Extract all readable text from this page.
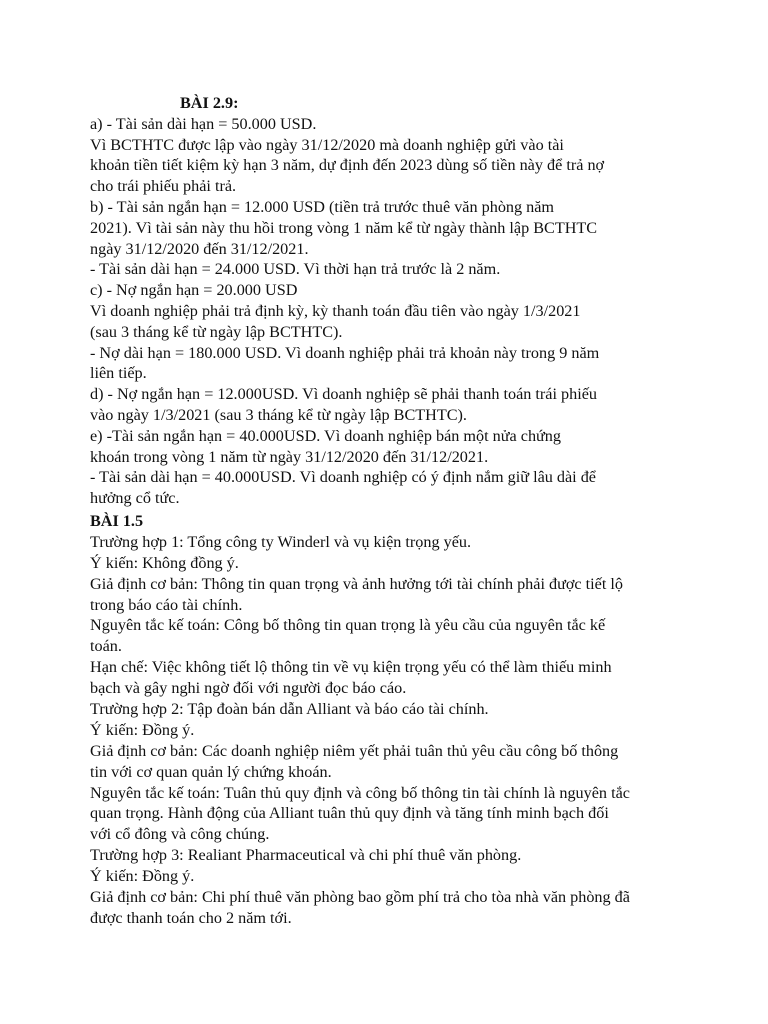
BÀI 2.9:
a) - Tài sản dài hạn = 50.000 USD.
Vì BCTHTC được lập vào ngày 31/12/2020 mà doanh nghiệp gửi vào tài
khoản tiền tiết kiệm kỳ hạn 3 năm, dự định đến 2023 dùng số tiền này để trả nợ
cho trái phiếu phải trả.
b) - Tài sản ngắn hạn = 12.000 USD (tiền trả trước thuê văn phòng năm
2021). Vì tài sản này thu hồi trong vòng 1 năm kể từ ngày thành lập BCTHTC
ngày 31/12/2020 đến 31/12/2021.
- Tài sản dài hạn = 24.000 USD. Vì thời hạn trả trước là 2 năm.
c) - Nợ ngắn hạn = 20.000 USD
Vì doanh nghiệp phải trả định kỳ, kỳ thanh toán đầu tiên vào ngày 1/3/2021
(sau 3 tháng kể từ ngày lập BCTHTC).
- Nợ dài hạn = 180.000 USD. Vì doanh nghiệp phải trả khoản này trong 9 năm
liên tiếp.
d) - Nợ ngắn hạn = 12.000USD. Vì doanh nghiệp sẽ phải thanh toán trái phiếu
vào ngày 1/3/2021 (sau 3 tháng kể từ ngày lập BCTHTC).
e) -Tài sản ngắn hạn = 40.000USD. Vì doanh nghiệp bán một nửa chứng
khoán trong vòng 1 năm từ ngày 31/12/2020 đến 31/12/2021.
- Tài sản dài hạn = 40.000USD. Vì doanh nghiệp có ý định nắm giữ lâu dài để
hưởng cổ tức.
BÀI 1.5
Trường hợp 1: Tổng công ty Winderl và vụ kiện trọng yếu.
Ý kiến: Không đồng ý.
Giả định cơ bản: Thông tin quan trọng và ảnh hưởng tới tài chính phải được tiết lộ
trong báo cáo tài chính.
Nguyên tắc kế toán: Công bố thông tin quan trọng là yêu cầu của nguyên tắc kế
toán.
Hạn chế: Việc không tiết lộ thông tin về vụ kiện trọng yếu có thể làm thiếu minh
bạch và gây nghi ngờ đối với người đọc báo cáo.
Trường hợp 2: Tập đoàn bán dẫn Alliant và báo cáo tài chính.
Ý kiến: Đồng ý.
Giả định cơ bản: Các doanh nghiệp niêm yết phải tuân thủ yêu cầu công bố thông
tin với cơ quan quản lý chứng khoán.
Nguyên tắc kế toán: Tuân thủ quy định và công bố thông tin tài chính là nguyên tắc
quan trọng. Hành động của Alliant tuân thủ quy định và tăng tính minh bạch đối
với cổ đông và công chúng.
Trường hợp 3: Realiant Pharmaceutical và chi phí thuê văn phòng.
Ý kiến: Đồng ý.
Giả định cơ bản: Chi phí thuê văn phòng bao gồm phí trả cho tòa nhà văn phòng đã
được thanh toán cho 2 năm tới.
